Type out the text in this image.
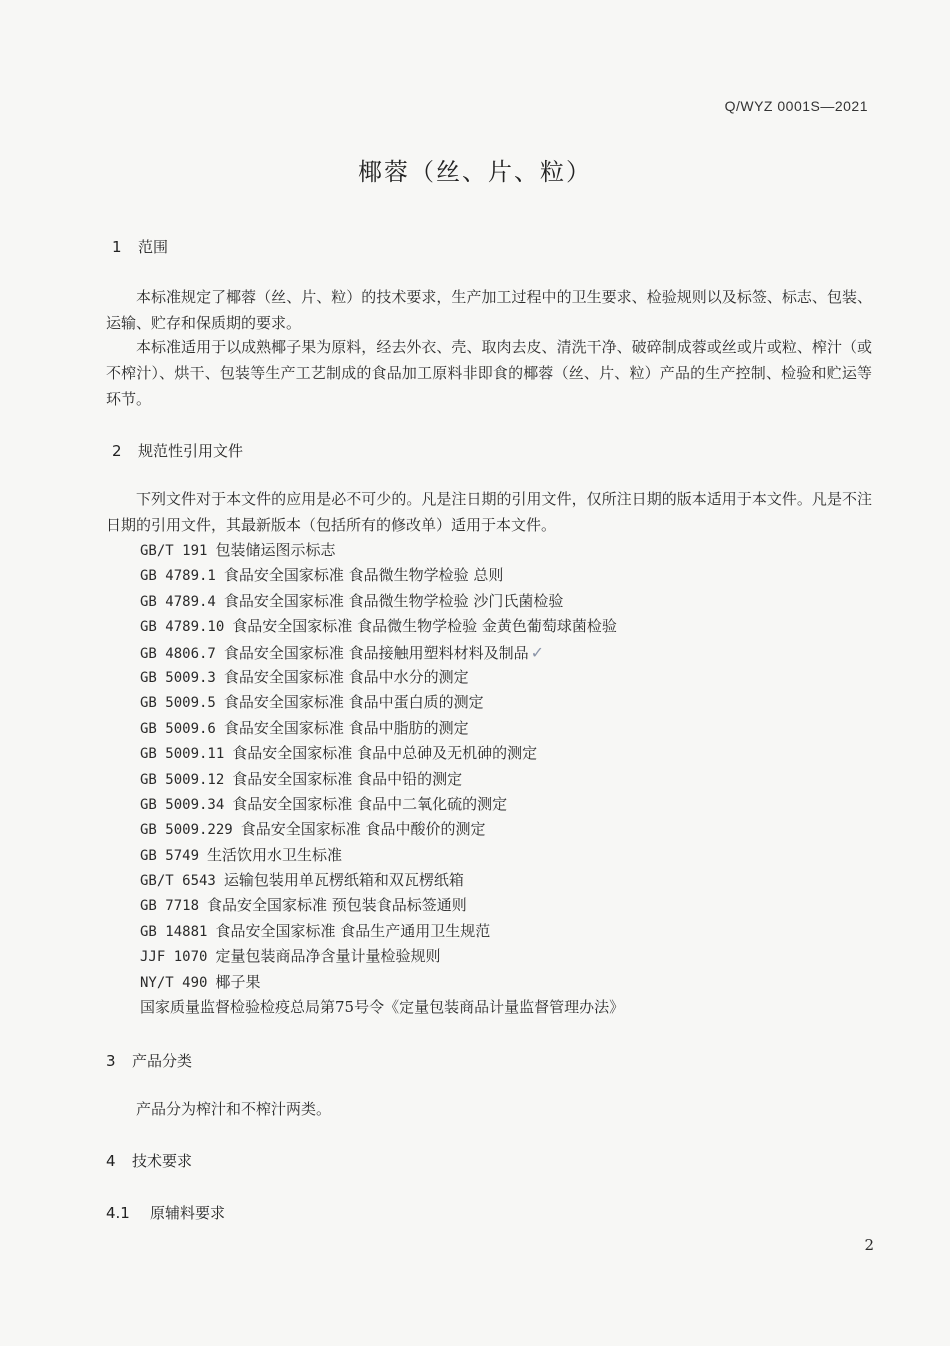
Q/WYZ 0001S—2021
椰蓉（丝、片、粒）
1 范围

本标准规定了椰蓉（丝、片、粒）的技术要求，生产加工过程中的卫生要求、检验规则以及标签、标志、包装、运输、贮存和保质期的要求。

本标准适用于以成熟椰子果为原料，经去外衣、壳、取肉去皮、清洗干净、破碎制成蓉或丝或片或粒、榨汁（或不榨汁）、烘干、包装等生产工艺制成的食品加工原料非即食的椰蓉（丝、片、粒）产品的生产控制、检验和贮运等环节。

2 规范性引用文件

下列文件对于本文件的应用是必不可少的。凡是注日期的引用文件，仅所注日期的版本适用于本文件。凡是不注日期的引用文件，其最新版本（包括所有的修改单）适用于本文件。

GB/T 191 包装储运图示标志
GB 4789.1 食品安全国家标准 食品微生物学检验 总则
GB 4789.4 食品安全国家标准 食品微生物学检验 沙门氏菌检验
GB 4789.10 食品安全国家标准 食品微生物学检验 金黄色葡萄球菌检验
GB 4806.7 食品安全国家标准 食品接触用塑料材料及制品 ✓
GB 5009.3 食品安全国家标准 食品中水分的测定
GB 5009.5 食品安全国家标准 食品中蛋白质的测定
GB 5009.6 食品安全国家标准 食品中脂肪的测定
GB 5009.11 食品安全国家标准 食品中总砷及无机砷的测定
GB 5009.12 食品安全国家标准 食品中铅的测定
GB 5009.34 食品安全国家标准 食品中二氧化硫的测定
GB 5009.229 食品安全国家标准 食品中酸价的测定
GB 5749 生活饮用水卫生标准
GB/T 6543 运输包装用单瓦楞纸箱和双瓦楞纸箱
GB 7718 食品安全国家标准 预包装食品标签通则
GB 14881 食品安全国家标准 食品生产通用卫生规范
JJF 1070 定量包装商品净含量计量检验规则
NY/T 490 椰子果
国家质量监督检验检疫总局第75号令《定量包装商品计量监督管理办法》
3 产品分类

产品分为榨汁和不榨汁两类。

4 技术要求
4.1 原辅料要求
2
